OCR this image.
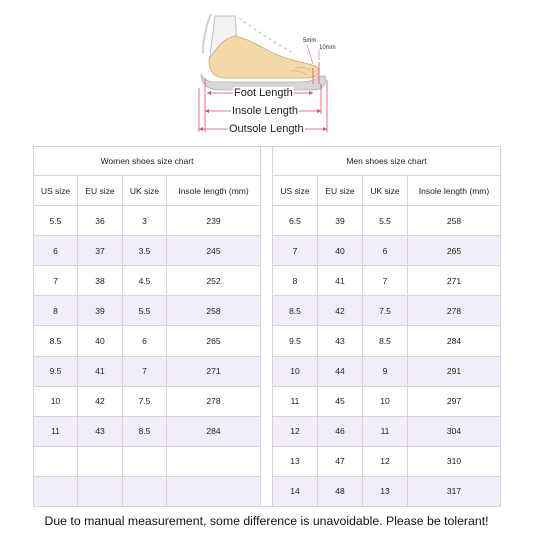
5mm
10mm
Foot Length
Insole Length
Outsole Length
Women shoes size chart			
US size	EU size	UK size	Insole length (mm)
5.5	36	3	239
6	37	3.5	245
7	38	4.5	252
8	39	5.5	258
8.5	40	6	265
9.5	41	7	271
10	42	7.5	278
11	43	8.5	284

Men shoes size chart			
US size	EU size	UK size	Insole length (mm)
6.5	39	5.5	258
7	40	6	265
8	41	7	271
8.5	42	7.5	278
9.5	43	8.5	284
10	44	9	291
11	45	10	297
12	46	11	304
13	47	12	310
14	48	13	317
Due to manual measurement, some difference is unavoidable. Please be tolerant!
